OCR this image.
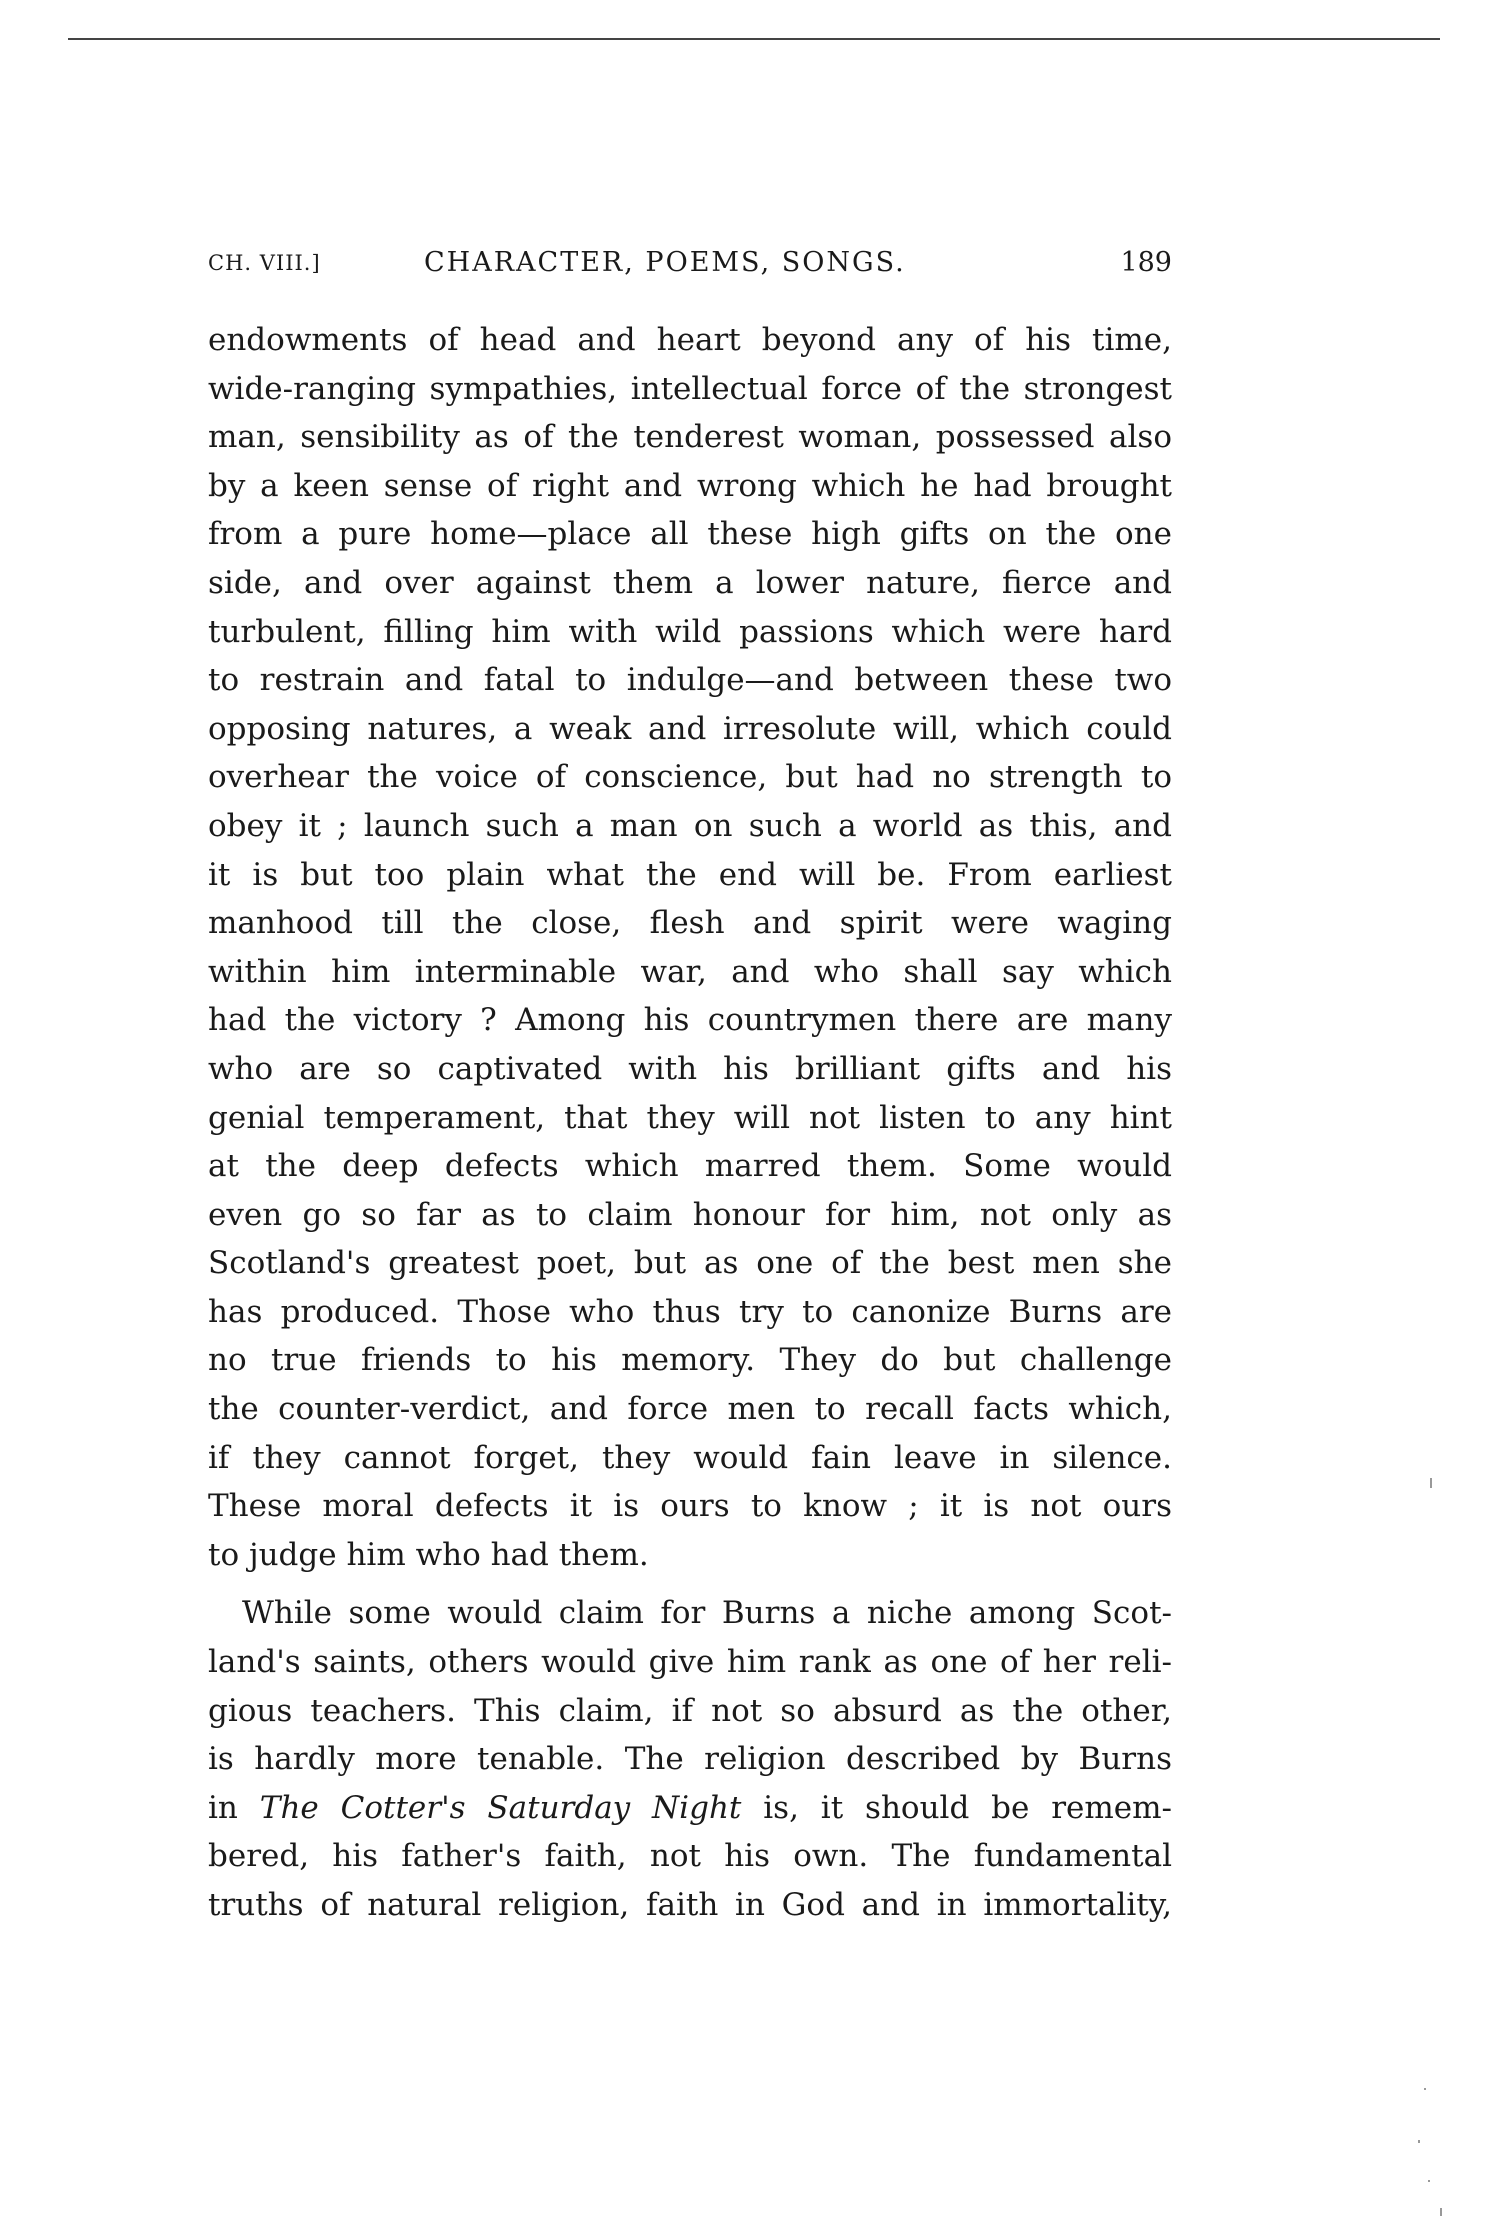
CH. VIII.]	CHARACTER, POEMS, SONGS.	189
endowments of head and heart beyond any of his time,
wide-ranging sympathies, intellectual force of the strongest
man, sensibility as of the tenderest woman, possessed also
by a keen sense of right and wrong which he had brought
from a pure home—place all these high gifts on the one
side, and over against them a lower nature, fierce and
turbulent, filling him with wild passions which were hard
to restrain and fatal to indulge—and between these two
opposing natures, a weak and irresolute will, which could
overhear the voice of conscience, but had no strength to
obey it ; launch such a man on such a world as this, and
it is but too plain what the end will be. From earliest
manhood till the close, flesh and spirit were waging
within him interminable war, and who shall say which
had the victory ? Among his countrymen there are many
who are so captivated with his brilliant gifts and his
genial temperament, that they will not listen to any hint
at the deep defects which marred them. Some would
even go so far as to claim honour for him, not only as
Scotland's greatest poet, but as one of the best men she
has produced. Those who thus try to canonize Burns are
no true friends to his memory. They do but challenge
the counter-verdict, and force men to recall facts which,
if they cannot forget, they would fain leave in silence.
These moral defects it is ours to know ; it is not ours
to judge him who had them.
While some would claim for Burns a niche among Scot-
land's saints, others would give him rank as one of her reli-
gious teachers. This claim, if not so absurd as the other,
is hardly more tenable. The religion described by Burns
in The Cotter's Saturday Night is, it should be remem-
bered, his father's faith, not his own. The fundamental
truths of natural religion, faith in God and in immortality,
